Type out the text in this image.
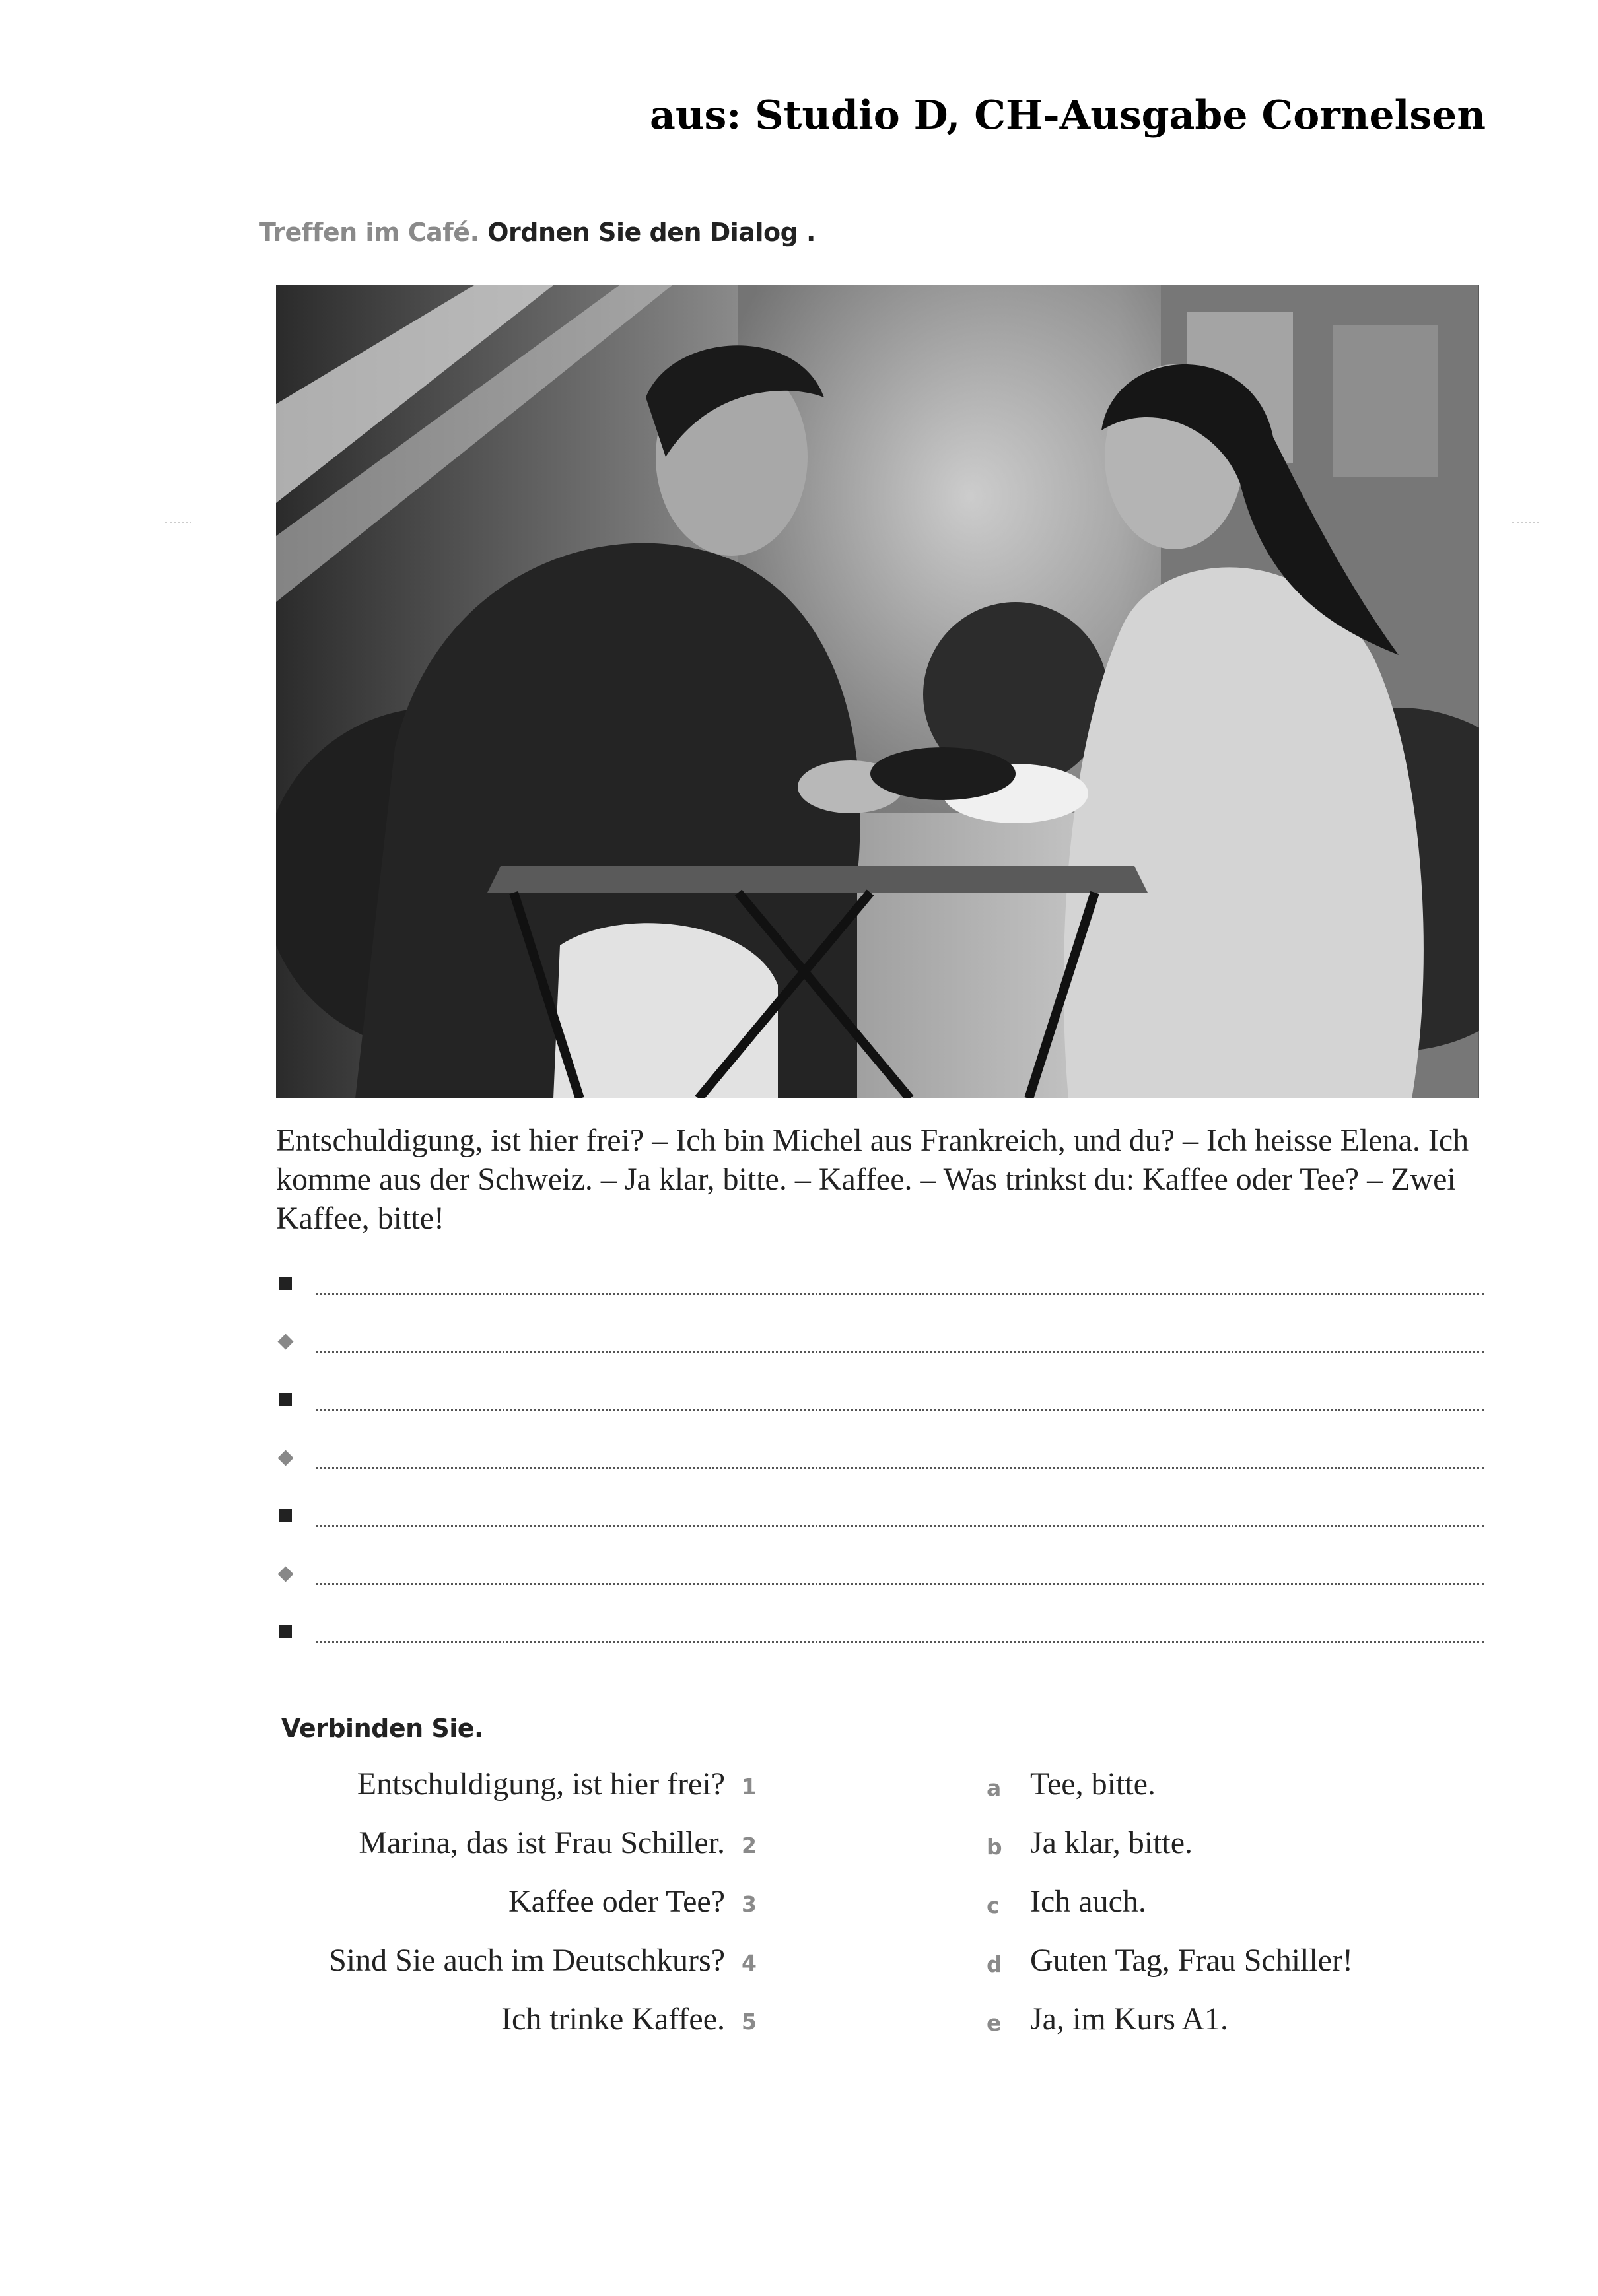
aus: Studio D, CH-Ausgabe Cornelsen
Treffen im Café. Ordnen Sie den Dialog .
Entschuldigung, ist hier frei? – Ich bin Michel aus Frankreich, und du? – Ich heisse Elena. Ich komme aus der Schweiz. – Ja klar, bitte. – Kaffee. – Was trinkst du: Kaffee oder Tee? – Zwei Kaffee, bitte!
Verbinden Sie.
Entschuldigung, ist hier frei? 1
Marina, das ist Frau Schiller. 2
Kaffee oder Tee? 3
Sind Sie auch im Deutschkurs? 4
Ich trinke Kaffee. 5
a Tee, bitte.
b Ja klar, bitte.
c Ich auch.
d Guten Tag, Frau Schiller!
e Ja, im Kurs A1.
